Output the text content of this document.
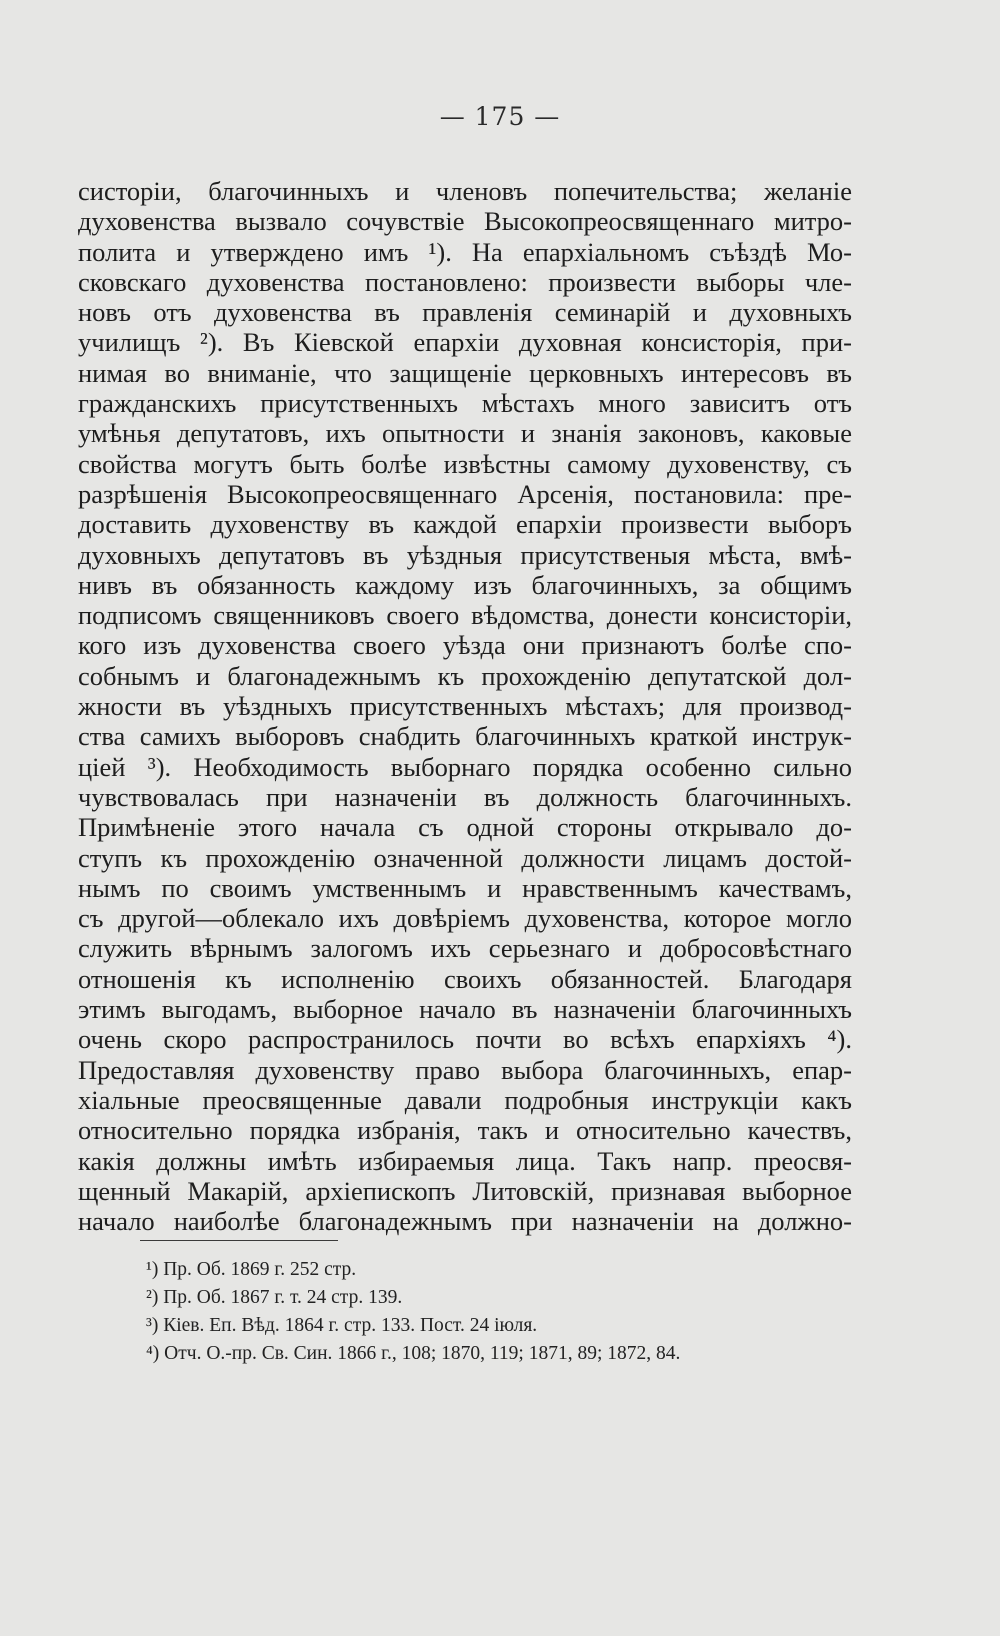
— 175 —
систорiи, благочинныхъ и членовъ попечительства; желанiе
духовенства вызвало сочувствiе Высокопреосвященнаго митро-
полита и утверждено имъ ¹). На епархiальномъ съѣздѣ Мо-
сковскаго духовенства постановлено: произвести выборы чле-
новъ отъ духовенства въ правленiя семинарiй и духовныхъ
училищъ ²). Въ Кiевской епархiи духовная консисторiя, при-
нимая во вниманiе, что защищенiе церковныхъ интересовъ въ
гражданскихъ присутственныхъ мѣстахъ много зависитъ отъ
умѣнья депутатовъ, ихъ опытности и знанiя законовъ, каковые
свойства могутъ быть болѣе извѣстны самому духовенству, съ
разрѣшенiя Высокопреосвященнаго Арсенiя, постановила: пре-
доставить духовенству въ каждой епархiи произвести выборъ
духовныхъ депутатовъ въ уѣздныя присутственыя мѣста, вмѣ-
нивъ въ обязанность каждому изъ благочинныхъ, за общимъ
подписомъ священниковъ своего вѣдомства, донести консисторiи,
кого изъ духовенства своего уѣзда они признаютъ болѣе спо-
собнымъ и благонадежнымъ къ прохожденiю депутатской дол-
жности въ уѣздныхъ присутственныхъ мѣстахъ; для производ-
ства самихъ выборовъ снабдить благочинныхъ краткой инструк-
цiей ³). Необходимость выборнаго порядка особенно сильно
чувствовалась при назначенiи въ должность благочинныхъ.
Примѣненiе этого начала съ одной стороны открывало до-
ступъ къ прохожденiю означенной должности лицамъ достой-
нымъ по своимъ умственнымъ и нравственнымъ качествамъ,
съ другой—облекало ихъ довѣрiемъ духовенства, которое могло
служить вѣрнымъ залогомъ ихъ серьезнаго и добросовѣстнаго
отношенiя къ исполненiю своихъ обязанностей. Благодаря
этимъ выгодамъ, выборное начало въ назначенiи благочинныхъ
очень скоро распространилось почти во всѣхъ епархiяхъ ⁴).
Предоставляя духовенству право выбора благочинныхъ, епар-
хiальные преосвященные давали подробныя инструкцiи какъ
относительно порядка избранiя, такъ и относительно качествъ,
какiя должны имѣть избираемыя лица. Такъ напр. преосвя-
щенный Макарiй, архiепископъ Литовскiй, признавая выборное
начало наиболѣе благонадежнымъ при назначенiи на должно-
¹) Пр. Об. 1869 г. 252 стр.
²) Пр. Об. 1867 г. т. 24 стр. 139.
³) Кiев. Еп. Вѣд. 1864 г. стр. 133. Пост. 24 iюля.
⁴) Отч. О.-пр. Св. Син. 1866 г., 108; 1870, 119; 1871, 89; 1872, 84.
